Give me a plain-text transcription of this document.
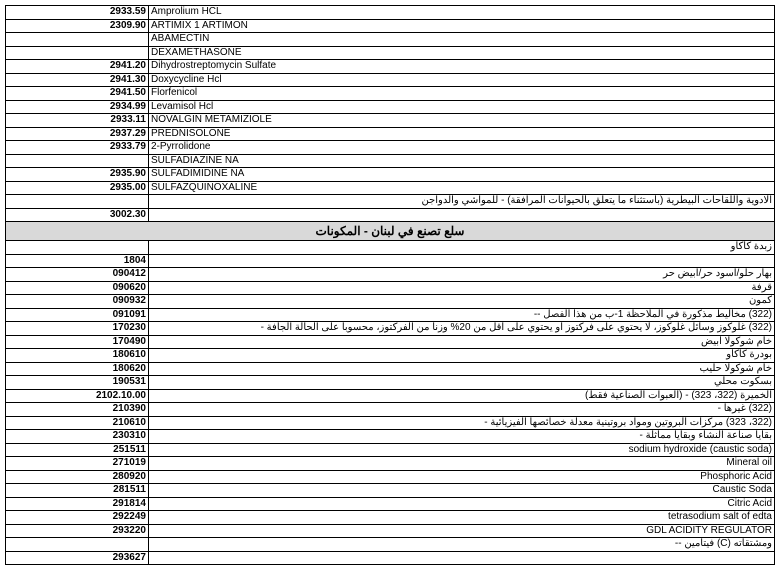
2933.59	Amprolium HCL
2309.90	ARTIMIX 1 ARTIMON
	ABAMECTIN
	DEXAMETHASONE
2941.20	Dihydrostreptomycin Sulfate
2941.30	Doxycycline Hcl
2941.50	Florfenicol
2934.99	Levamisol Hcl
2933.11	NOVALGIN METAMIZIOLE
2937.29	PREDNISOLONE
2933.79	2-Pyrrolidone
	SULFADIAZINE NA
2935.90	SULFADIMIDINE NA
2935.00	SULFAZQUINOXALINE
	الادوية واللقاحات البيطرية (باستثناء ما يتعلق بالحيوانات المرافقة) - للمواشي والدواجن
3002.30	
سلع تصنع في لبنان - المكونات	
	زبدة كاكاو
1804	
090412	بهار حلو/اسود حر/ابيض حر
090620	قرفة
090932	كمون
091091	(322) مخاليط مذكورة في الملاحظة 1-ب من هذا الفصل --
170230	(322) غلوكوز وسائل غلوكوز، لا يحتوي على فركتوز أو يحتوي على أقل من 20% وزنا من الفركتوز، محسوبا على الحالة الجافة -
170490	خام شوكولا ابيض
180610	بودرة كاكاو
180620	خام شوكولا حليب
190531	بسكوت محلي
2102.10.00	الخميرة (322، 323) - (العبوات الصناعية فقط)
210390	(322) غيرها -
210610	(322، 323) مركزات البروتين ومواد بروتينية معدلة خصائصها الفيزيائية -
230310	بقايا صناعة النشاء وبقايا مماثلة -
251511	sodium hydroxide (caustic soda)
271019	Mineral oil
280920	Phosphoric Acid
281511	Caustic Soda
291814	Citric Acid
292249	tetrasodium salt of edta
293220	GDL ACIDITY REGULATOR
	ومشتقاته (C) فيتامين --
293627	
